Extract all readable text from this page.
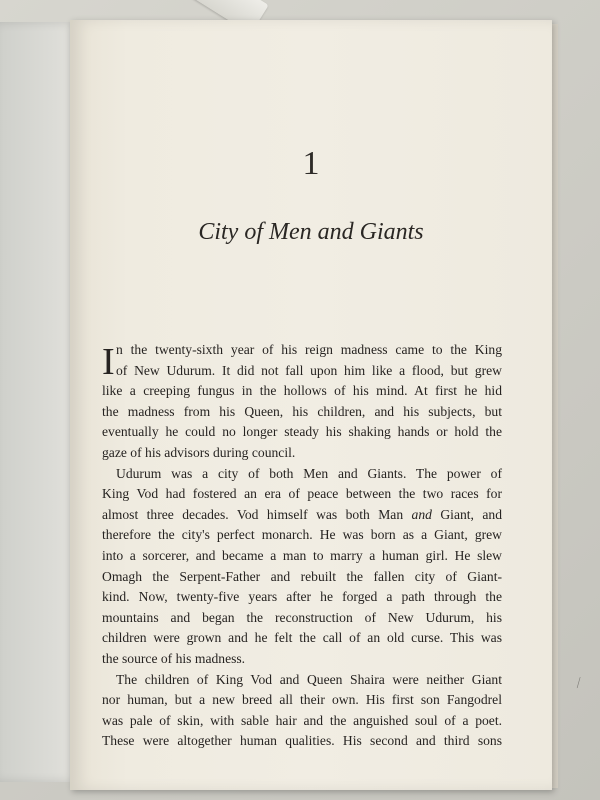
1
City of Men and Giants
I n the twenty-sixth year of his reign madness came to the King
of New Udurum. It did not fall upon him like a flood, but grew
like a creeping fungus in the hollows of his mind. At first he hid
the madness from his Queen, his children, and his subjects, but
eventually he could no longer steady his shaking hands or hold the
gaze of his advisors during council.
Udurum was a city of both Men and Giants. The power of
King Vod had fostered an era of peace between the two races for
almost three decades. Vod himself was both Man and Giant, and
therefore the city's perfect monarch. He was born as a Giant, grew
into a sorcerer, and became a man to marry a human girl. He slew
Omagh the Serpent-Father and rebuilt the fallen city of Giant-
kind. Now, twenty-five years after he forged a path through the
mountains and began the reconstruction of New Udurum, his
children were grown and he felt the call of an old curse. This was
the source of his madness.
The children of King Vod and Queen Shaira were neither Giant
nor human, but a new breed all their own. His first son Fangodrel
was pale of skin, with sable hair and the anguished soul of a poet.
These were altogether human qualities. His second and third sons
⁄
